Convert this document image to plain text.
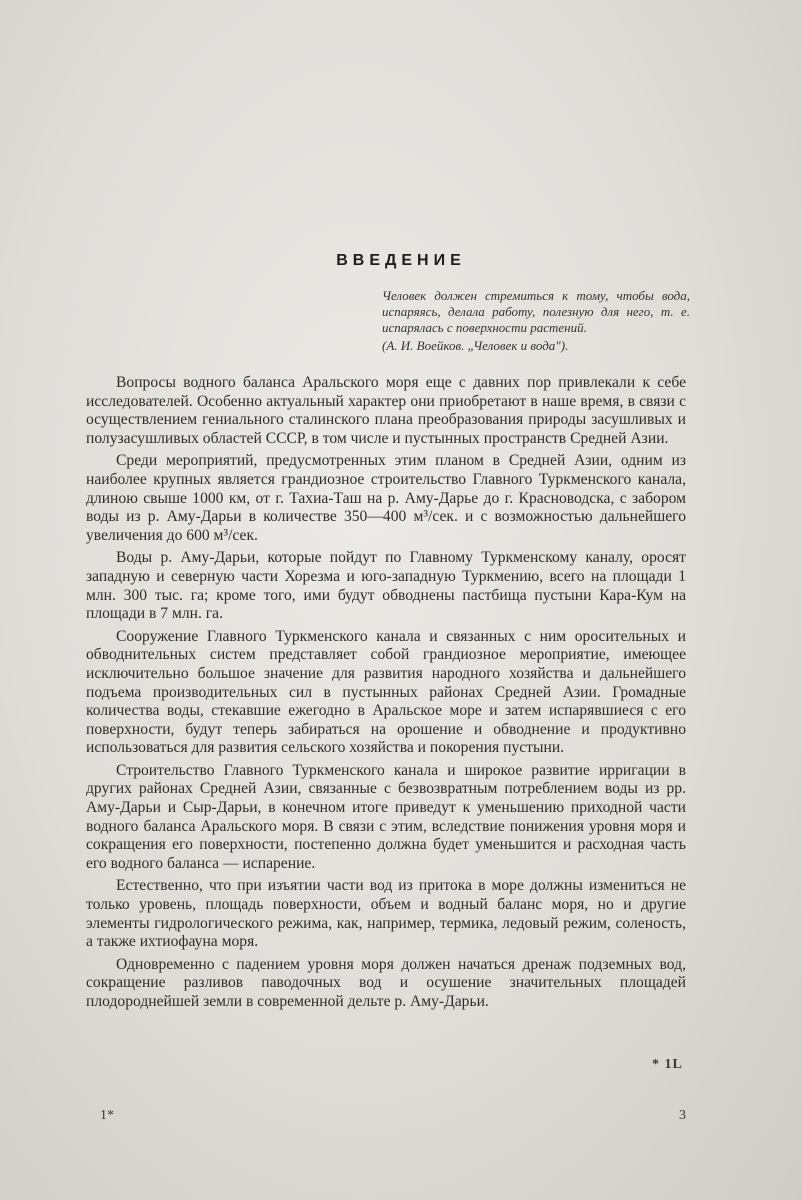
ВВЕДЕНИЕ
Человек должен стремиться к тому, чтобы вода, испаряясь, делала работу, полезную для него, т. е. испарялась с поверхности растений.
(А. И. Воейков. „Человек и вода").

Вопросы водного баланса Аральского моря еще с давних пор привлекали к себе исследователей. Особенно актуальный характер они приобретают в наше время, в связи с осуществлением гениального сталинского плана преобразования природы засушливых и полузасушливых областей СССР, в том числе и пустынных пространств Средней Азии.

Среди мероприятий, предусмотренных этим планом в Средней Азии, одним из наиболее крупных является грандиозное строительство Главного Туркменского канала, длиною свыше 1000 км, от г. Тахиа-Таш на р. Аму-Дарье до г. Красноводска, с забором воды из р. Аму-Дарьи в количестве 350—400 м³/сек. и с возможностью дальнейшего увеличения до 600 м³/сек.

Воды р. Аму-Дарьи, которые пойдут по Главному Туркменскому каналу, оросят западную и северную части Хорезма и юго-западную Туркмению, всего на площади 1 млн. 300 тыс. га; кроме того, ими будут обводнены пастбища пустыни Кара-Кум на площади в 7 млн. га.

Сооружение Главного Туркменского канала и связанных с ним оросительных и обводнительных систем представляет собой грандиозное мероприятие, имеющее исключительно большое значение для развития народного хозяйства и дальнейшего подъема производительных сил в пустынных районах Средней Азии. Громадные количества воды, стекавшие ежегодно в Аральское море и затем испарявшиеся с его поверхности, будут теперь забираться на орошение и обводнение и продуктивно использоваться для развития сельского хозяйства и покорения пустыни.

Строительство Главного Туркменского канала и широкое развитие ирригации в других районах Средней Азии, связанные с безвозвратным потреблением воды из рр. Аму-Дарьи и Сыр-Дарьи, в конечном итоге приведут к уменьшению приходной части водного баланса Аральского моря. В связи с этим, вследствие понижения уровня моря и сокращения его поверхности, постепенно должна будет уменьшится и расходная часть его водного баланса — испарение.

Естественно, что при изъятии части вод из притока в море должны измениться не только уровень, площадь поверхности, объем и водный баланс моря, но и другие элементы гидрологического режима, как, например, термика, ледовый режим, соленость, а также ихтиофауна моря.

Одновременно с падением уровня моря должен начаться дренаж подземных вод, сокращение разливов паводочных вод и осушение значительных площадей плодороднейшей земли в современной дельте р. Аму-Дарьи.

* 1L
1*	3
